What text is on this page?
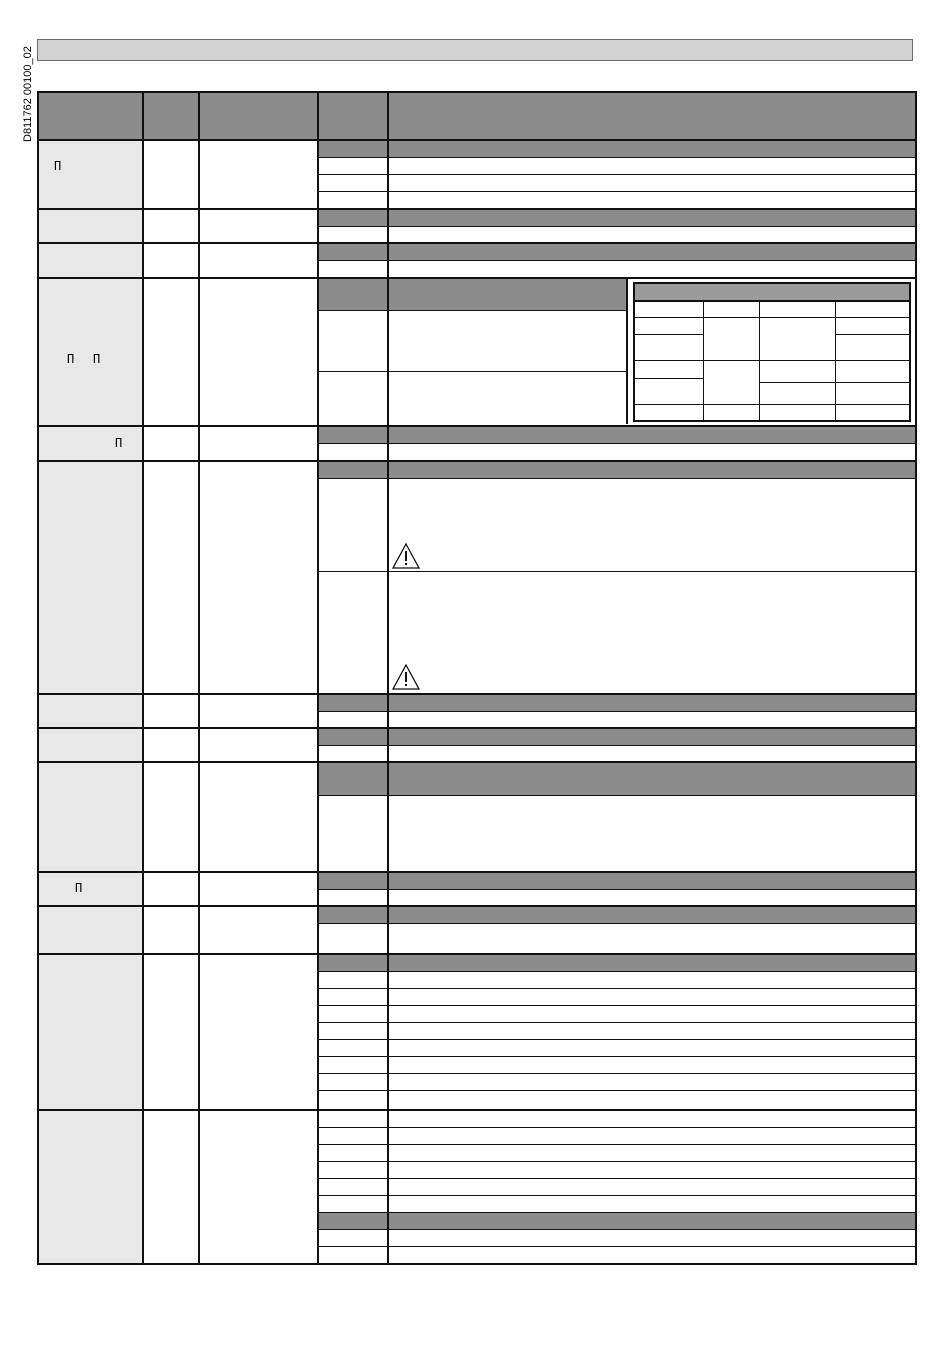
D811762 00100_02
П
П П
П
П
